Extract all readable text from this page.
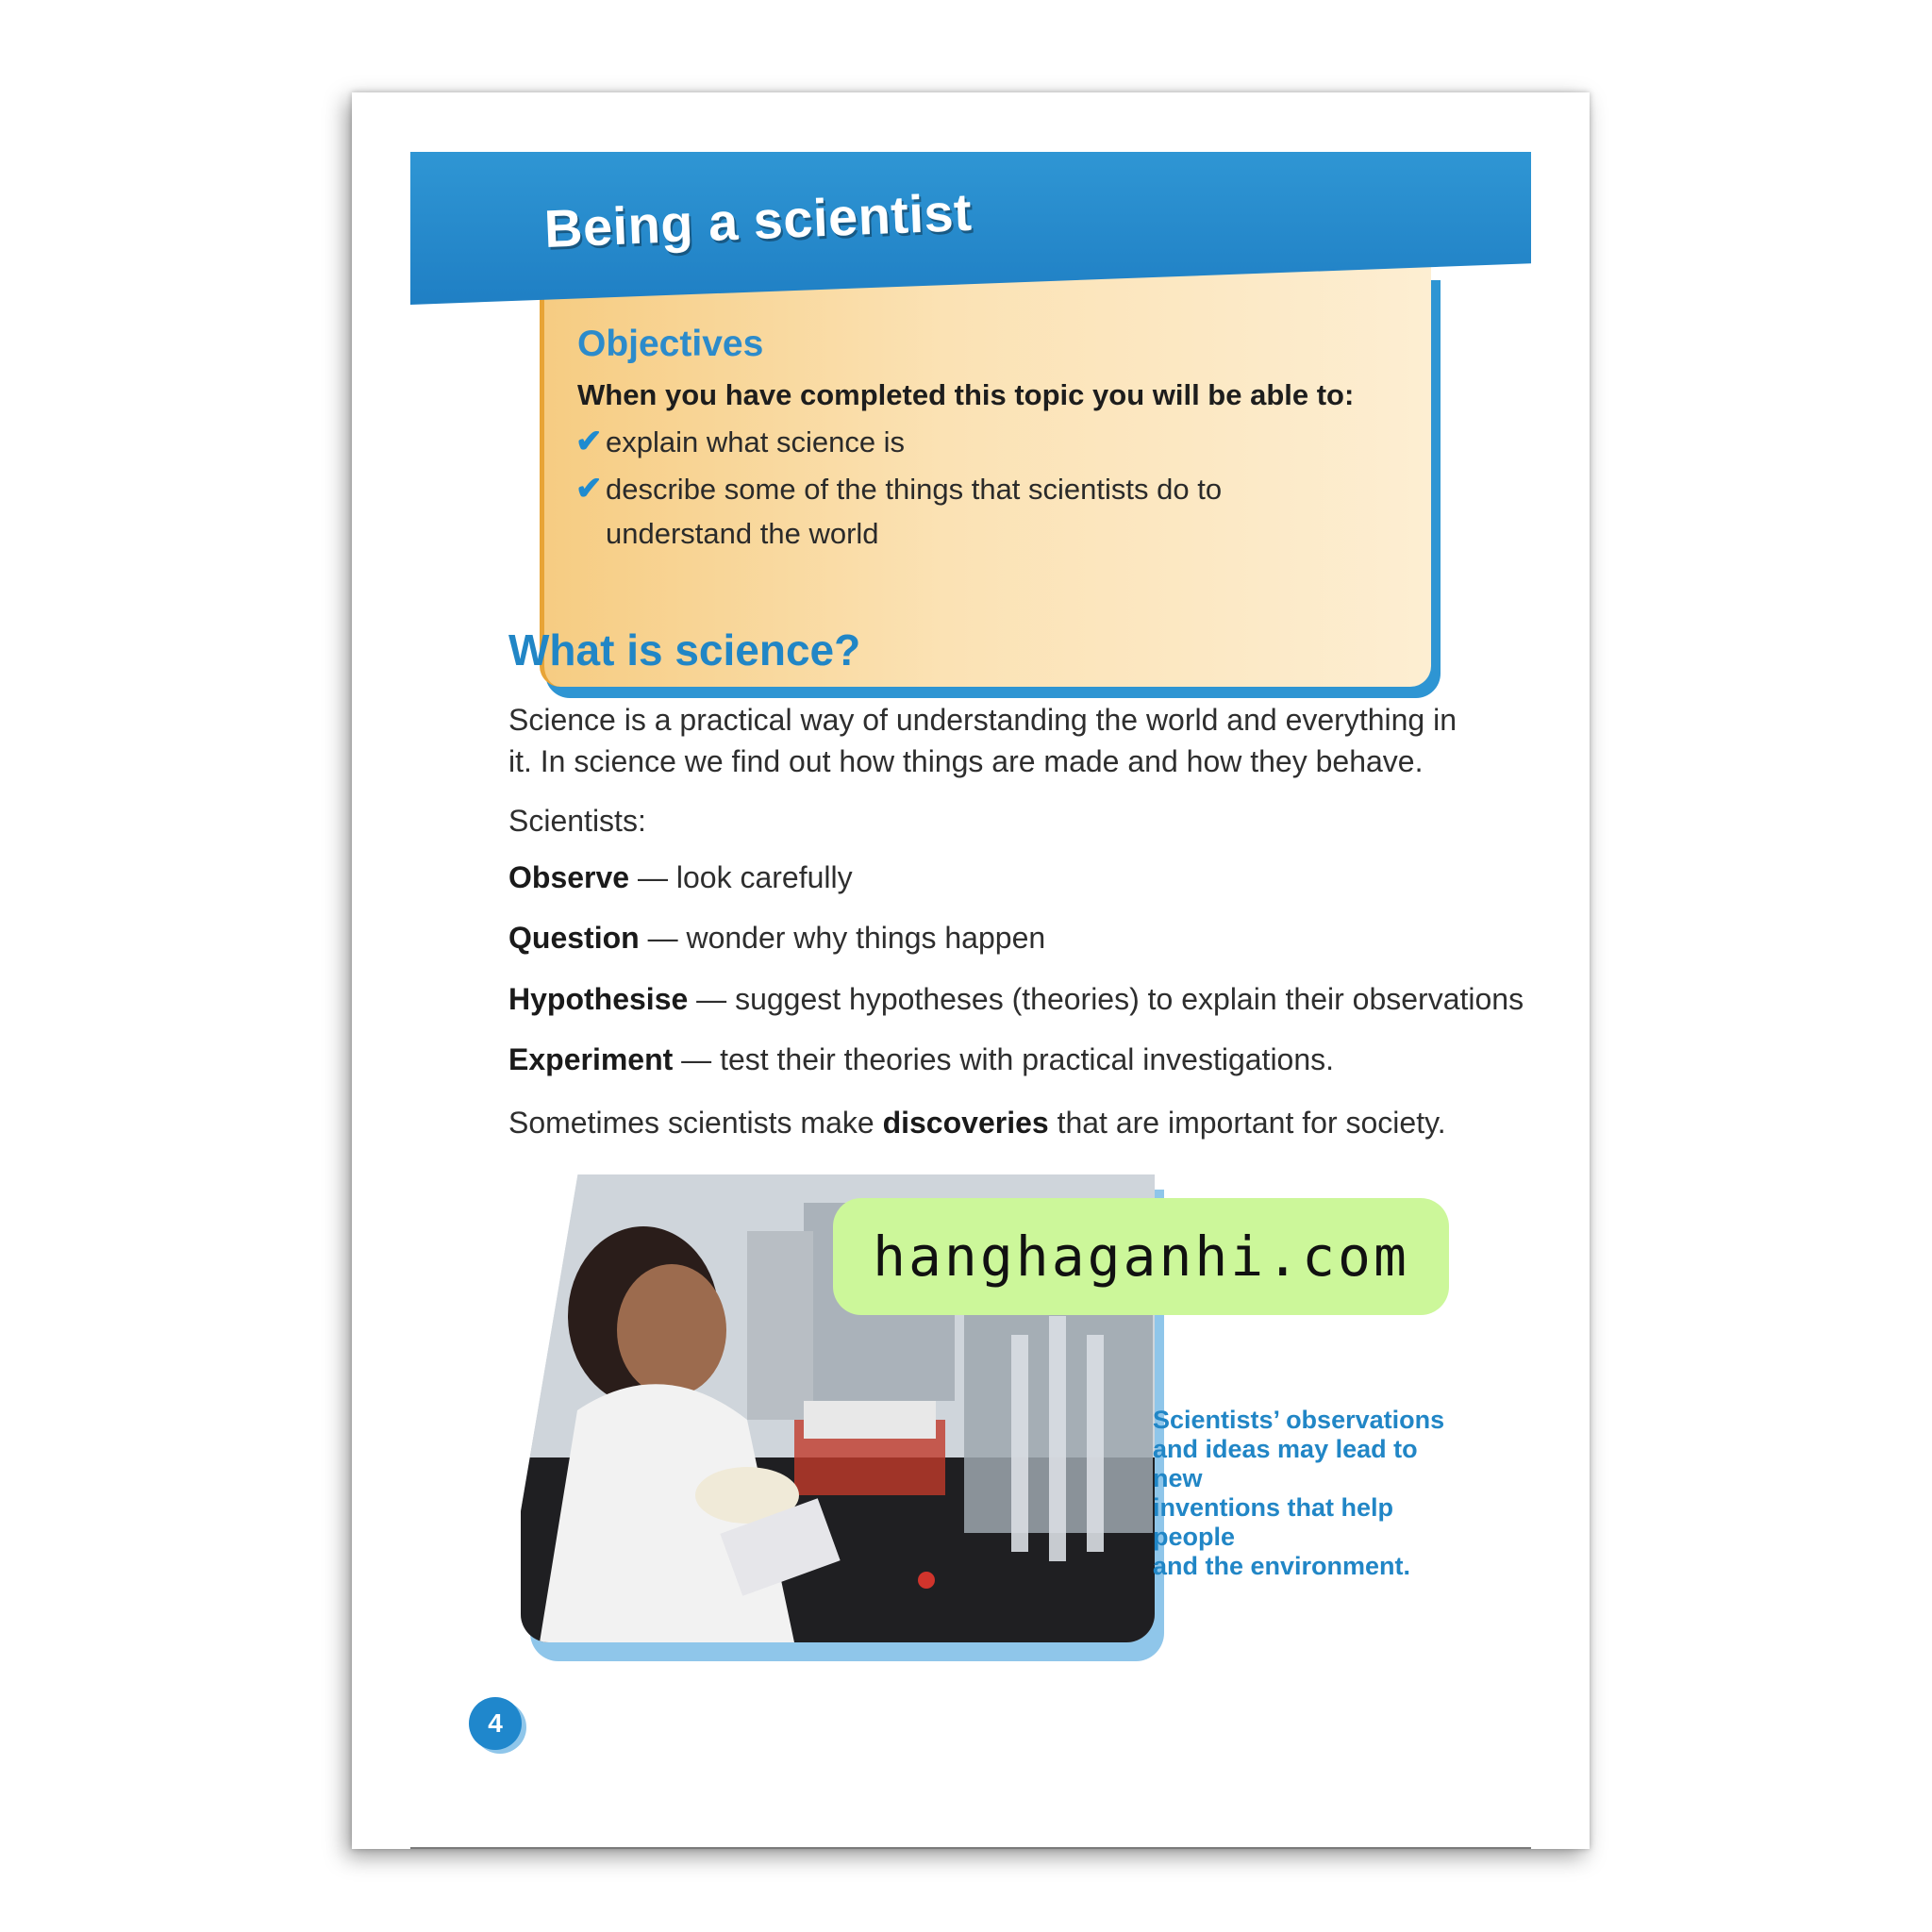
Being a scientist
Objectives
When you have completed this topic you will be able to:
✔ explain what science is
✔ describe some of the things that scientists do to understand the world
What is science?
Science is a practical way of understanding the world and everything in it. In science we find out how things are made and how they behave.
Scientists:
Observe — look carefully
Question — wonder why things happen
Hypothesise — suggest hypotheses (theories) to explain their observations
Experiment — test their theories with practical investigations.
Sometimes scientists make discoveries that are important for society.
hanghaganhi.com
Scientists’ observations
and ideas may lead to new
inventions that help people
and the environment.
4
